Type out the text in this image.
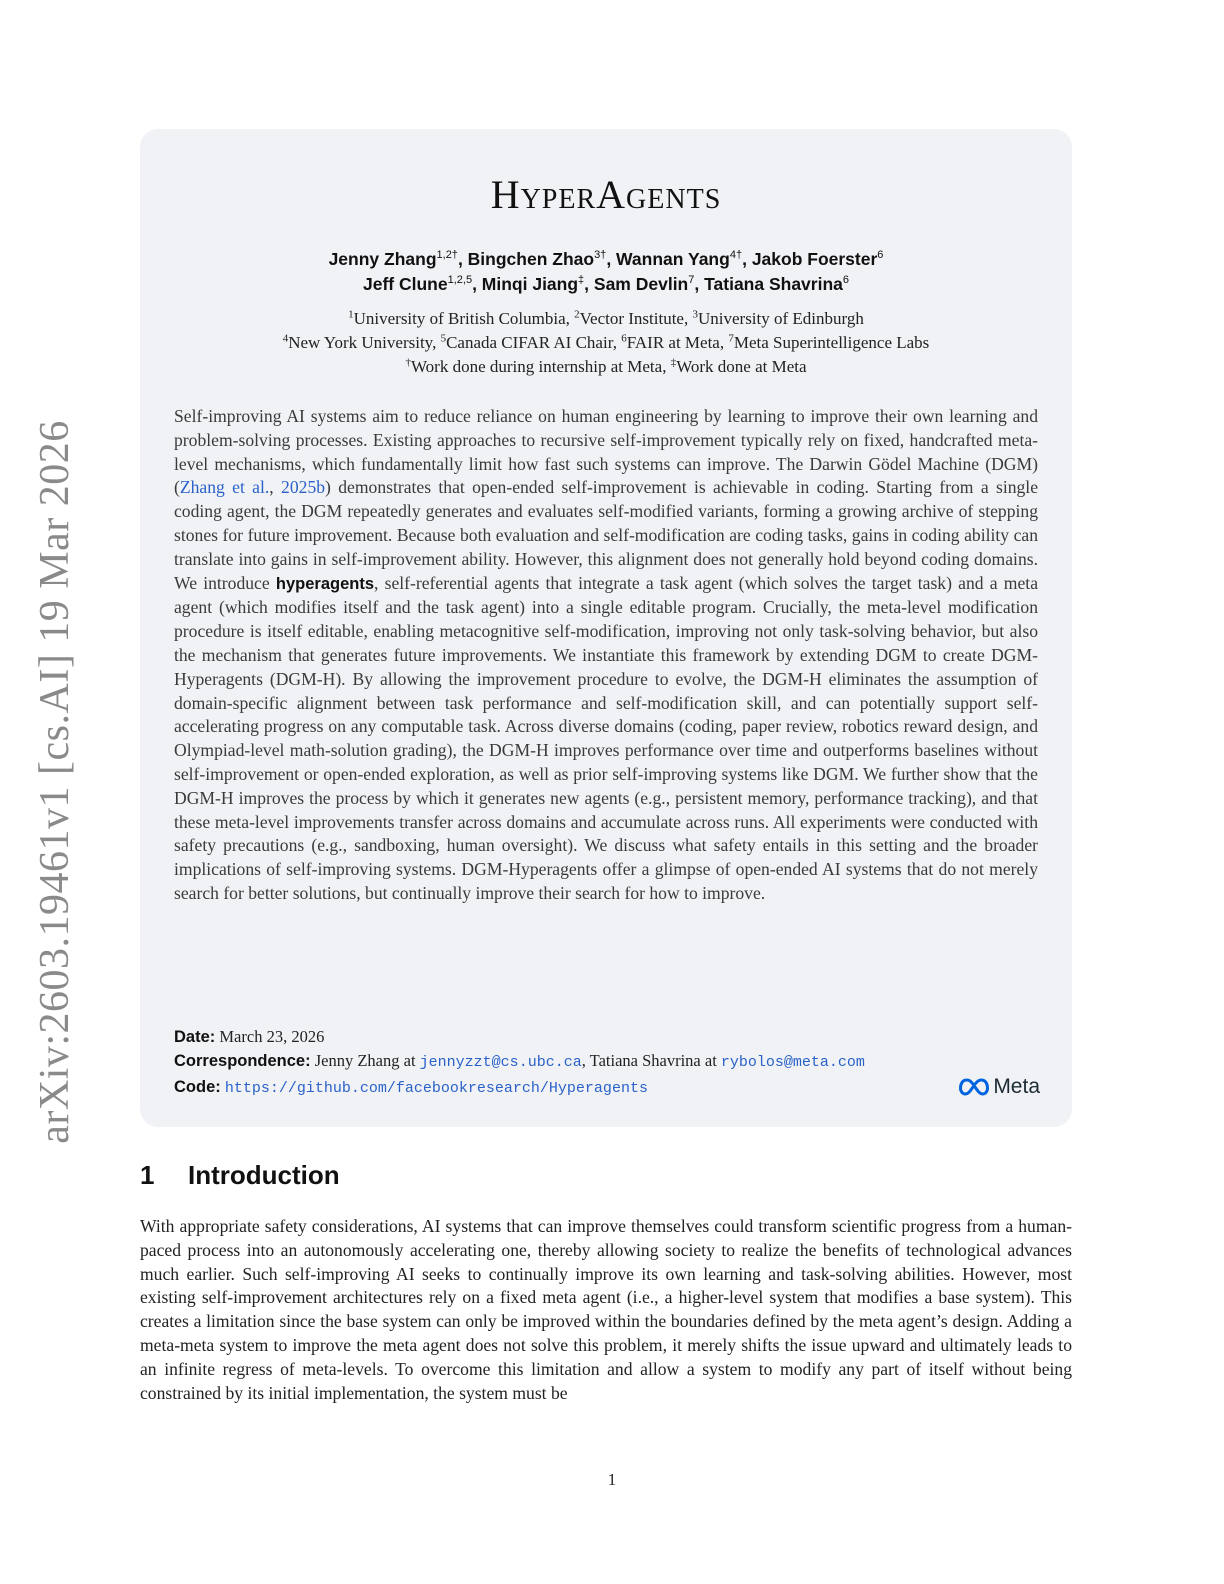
arXiv:2603.19461v1 [cs.AI] 19 Mar 2026
HyperAgents
Jenny Zhang$^{1,2\dagger}$, Bingchen Zhao$^{3\dagger}$, Wannan Yang$^{4\dagger}$, Jakob Foerster$^6$
Jeff Clune$^{1,2,5}$, Minqi Jiang‡, Sam Devlin$^7$, Tatiana Shavrina$^6$
$^1$University of British Columbia, $^2$Vector Institute, $^3$University of Edinburgh
$^4$New York University, $^5$Canada CIFAR AI Chair, $^6$FAIR at Meta, $^7$Meta Superintelligence Labs
†Work done during internship at Meta, ‡Work done at Meta

Self-improving AI systems aim to reduce reliance on human engineering by learning to improve their own learning and problem-solving processes. Existing approaches to recursive self-improvement typically rely on fixed, handcrafted meta-level mechanisms, which fundamentally limit how fast such systems can improve. The Darwin Gödel Machine (DGM) (Zhang et al., 2025b) demonstrates that open-ended self-improvement is achievable in coding. Starting from a single coding agent, the DGM repeatedly generates and evaluates self-modified variants, forming a growing archive of stepping stones for future improvement. Because both evaluation and self-modification are coding tasks, gains in coding ability can translate into gains in self-improvement ability. However, this alignment does not generally hold beyond coding domains. We introduce hyperagents, self-referential agents that integrate a task agent (which solves the target task) and a meta agent (which modifies itself and the task agent) into a single editable program. Crucially, the meta-level modification procedure is itself editable, enabling metacognitive self-modification, improving not only task-solving behavior, but also the mechanism that generates future improvements. We instantiate this framework by extending DGM to create DGM-Hyperagents (DGM-H). By allowing the improvement procedure to evolve, the DGM-H eliminates the assumption of domain-specific alignment between task performance and self-modification skill, and can potentially support self-accelerating progress on any computable task. Across diverse domains (coding, paper review, robotics reward design, and Olympiad-level math-solution grading), the DGM-H improves performance over time and outperforms baselines without self-improvement or open-ended exploration, as well as prior self-improving systems like DGM. We further show that the DGM-H improves the process by which it generates new agents (e.g., persistent memory, performance tracking), and that these meta-level improvements transfer across domains and accumulate across runs. All experiments were conducted with safety precautions (e.g., sandboxing, human oversight). We discuss what safety entails in this setting and the broader implications of self-improving systems. DGM-Hyperagents offer a glimpse of open-ended AI systems that do not merely search for better solutions, but continually improve their search for how to improve.

Date: March 23, 2026
Correspondence: Jenny Zhang at jennyzzt@cs.ubc.ca, Tatiana Shavrina at rybolos@meta.com
Code: https://github.com/facebookresearch/Hyperagents	Meta
1 Introduction

With appropriate safety considerations, AI systems that can improve themselves could transform scientific progress from a human-paced process into an autonomously accelerating one, thereby allowing society to realize the benefits of technological advances much earlier. Such self-improving AI seeks to continually improve its own learning and task-solving abilities. However, most existing self-improvement architectures rely on a fixed meta agent (i.e., a higher-level system that modifies a base system). This creates a limitation since the base system can only be improved within the boundaries defined by the meta agent’s design. Adding a meta-meta system to improve the meta agent does not solve this problem, it merely shifts the issue upward and ultimately leads to an infinite regress of meta-levels. To overcome this limitation and allow a system to modify any part of itself without being constrained by its initial implementation, the system must be

1
